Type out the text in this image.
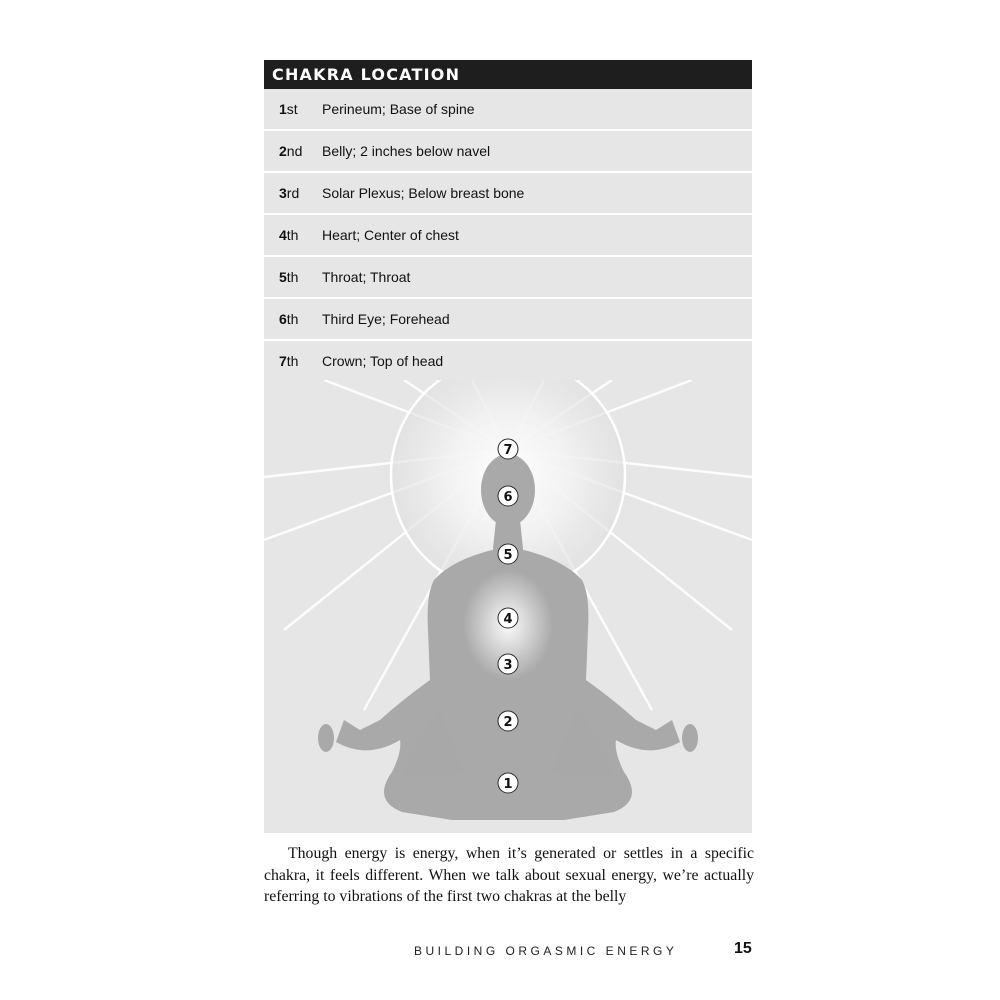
CHAKRA LOCATION
1st	Perineum; Base of spine
2nd	Belly; 2 inches below navel
3rd	Solar Plexus; Below breast bone
4th	Heart; Center of chest
5th	Throat; Throat
6th	Third Eye; Forehead
7th	Crown; Top of head
7
6
5
4
3
2
1

Though energy is energy, when it’s generated or settles in a specific chakra, it feels different. When we talk about sexual energy, we’re actually referring to vibrations of the first two chakras at the belly

BUILDING ORGASMIC ENERGY	15
